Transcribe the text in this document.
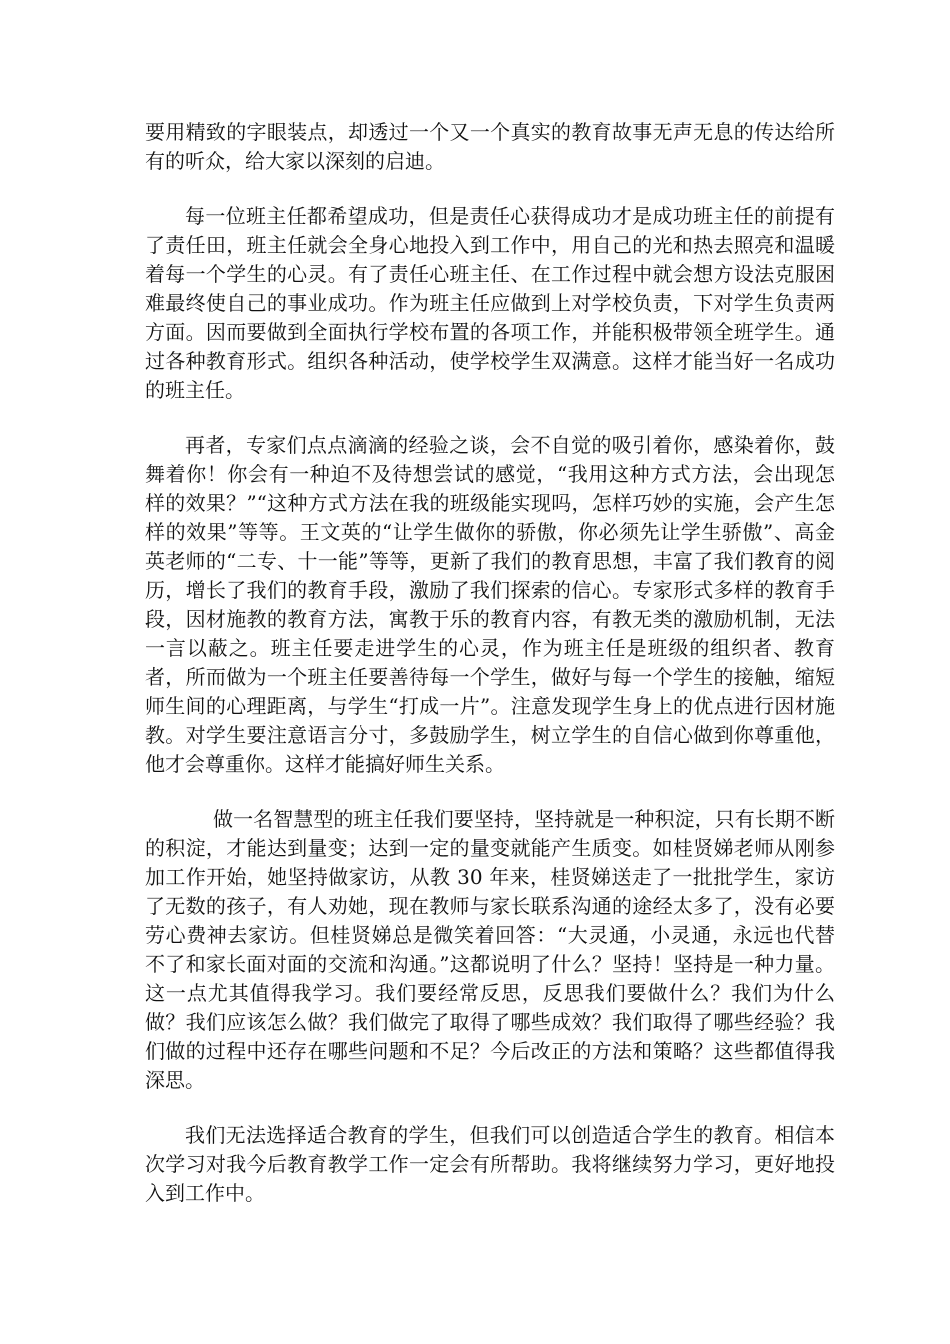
要用精致的字眼装点，却透过一个又一个真实的教育故事无声无息的传达给所有的听众，给大家以深刻的启迪。

每一位班主任都希望成功，但是责任心获得成功才是成功班主任的前提有了责任田，班主任就会全身心地投入到工作中，用自己的光和热去照亮和温暖着每一个学生的心灵。有了责任心班主任、在工作过程中就会想方设法克服困难最终使自己的事业成功。作为班主任应做到上对学校负责，下对学生负责两方面。因而要做到全面执行学校布置的各项工作，并能积极带领全班学生。通过各种教育形式。组织各种活动，使学校学生双满意。这样才能当好一名成功的班主任。

再者，专家们点点滴滴的经验之谈，会不自觉的吸引着你，感染着你，鼓舞着你！你会有一种迫不及待想尝试的感觉，“我用这种方式方法，会出现怎样的效果？”“这种方式方法在我的班级能实现吗，怎样巧妙的实施，会产生怎样的效果”等等。王文英的“让学生做你的骄傲，你必须先让学生骄傲”、高金英老师的“二专、十一能”等等，更新了我们的教育思想，丰富了我们教育的阅历，增长了我们的教育手段，激励了我们探索的信心。专家形式多样的教育手段，因材施教的教育方法，寓教于乐的教育内容，有教无类的激励机制，无法一言以蔽之。班主任要走进学生的心灵，作为班主任是班级的组织者、教育者，所而做为一个班主任要善待每一个学生，做好与每一个学生的接触，缩短师生间的心理距离，与学生“打成一片”。注意发现学生身上的优点进行因材施教。对学生要注意语言分寸，多鼓励学生，树立学生的自信心做到你尊重他，他才会尊重你。这样才能搞好师生关系。

做一名智慧型的班主任我们要坚持，坚持就是一种积淀，只有长期不断的积淀，才能达到量变；达到一定的量变就能产生质变。如桂贤娣老师从刚参加工作开始，她坚持做家访，从教 30 年来，桂贤娣送走了一批批学生，家访了无数的孩子，有人劝她，现在教师与家长联系沟通的途经太多了，没有必要劳心费神去家访。但桂贤娣总是微笑着回答：“大灵通，小灵通，永远也代替不了和家长面对面的交流和沟通。”这都说明了什么？坚持！坚持是一种力量。这一点尤其值得我学习。我们要经常反思，反思我们要做什么？我们为什么做？我们应该怎么做？我们做完了取得了哪些成效？我们取得了哪些经验？我们做的过程中还存在哪些问题和不足？今后改正的方法和策略？这些都值得我深思。

我们无法选择适合教育的学生，但我们可以创造适合学生的教育。相信本次学习对我今后教育教学工作一定会有所帮助。我将继续努力学习，更好地投入到工作中。
